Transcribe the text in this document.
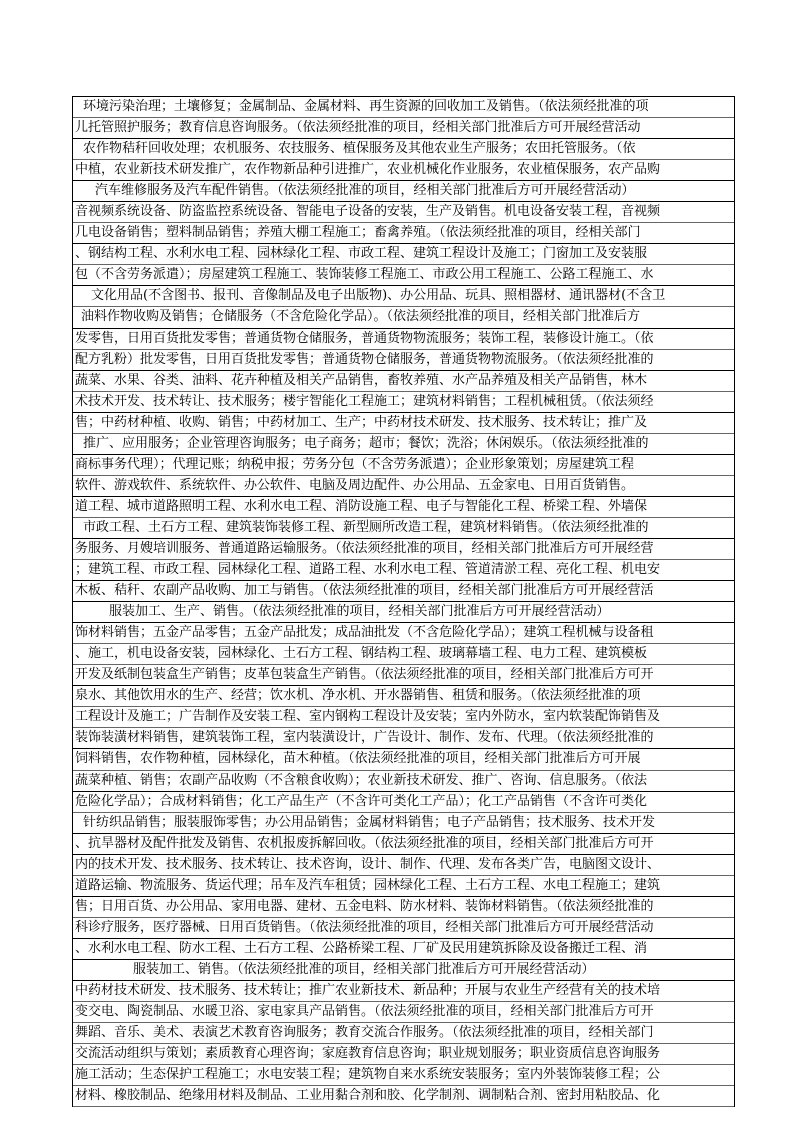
环境污染治理；土壤修复；金属制品、金属材料、再生资源的回收加工及销售。（依法须经批准的项
儿托管照护服务；教育信息咨询服务。（依法须经批准的项目，经相关部门批准后方可开展经营活动
农作物秸秆回收处理；农机服务、农技服务、植保服务及其他农业生产服务；农田托管服务。（依
中植，农业新技术研发推广，农作物新品种引进推广，农业机械化作业服务，农业植保服务，农产品购
汽车维修服务及汽车配件销售。（依法须经批准的项目，经相关部门批准后方可开展经营活动）
音视频系统设备、防盗监控系统设备、智能电子设备的安装，生产及销售。机电设备安装工程，音视频
几电设备销售；塑料制品销售；养殖大棚工程施工；畜禽养殖。（依法须经批准的项目，经相关部门
、钢结构工程、水利水电工程、园林绿化工程、市政工程、建筑工程设计及施工；门窗加工及安装服
包（不含劳务派遣）；房屋建筑工程施工、装饰装修工程施工、市政公用工程施工、公路工程施工、水
文化用品(不含图书、报刊、音像制品及电子出版物)、办公用品、玩具、照相器材、通讯器材(不含卫
油料作物收购及销售；仓储服务（不含危险化学品）。（依法须经批准的项目，经相关部门批准后方
发零售，日用百货批发零售；普通货物仓储服务，普通货物物流服务；装饰工程，装修设计施工。（依
配方乳粉）批发零售，日用百货批发零售；普通货物仓储服务，普通货物物流服务。（依法须经批准的
蔬菜、水果、谷类、油料、花卉种植及相关产品销售，畜牧养殖、水产品养殖及相关产品销售，林木
术技术开发、技术转让、技术服务；楼宇智能化工程施工；建筑材料销售；工程机械租赁。（依法须经
售；中药材种植、收购、销售；中药材加工、生产；中药材技术研发、技术服务、技术转让；推广及
推广、应用服务；企业管理咨询服务；电子商务；超市；餐饮；洗浴；休闲娱乐。（依法须经批准的
商标事务代理）；代理记账；纳税申报；劳务分包（不含劳务派遣）；企业形象策划；房屋建筑工程
软件、游戏软件、系统软件、办公软件、电脑及周边配件、办公用品、五金家电、日用百货销售。
道工程、城市道路照明工程、水利水电工程、消防设施工程、电子与智能化工程、桥梁工程、外墙保
市政工程、土石方工程、建筑装饰装修工程、新型厕所改造工程，建筑材料销售。（依法须经批准的
务服务、月嫂培训服务、普通道路运输服务。（依法须经批准的项目，经相关部门批准后方可开展经营
；建筑工程、市政工程、园林绿化工程、道路工程、水利水电工程、管道清淤工程、亮化工程、机电安
木板、秸秆、农副产品收购、加工与销售。（依法须经批准的项目，经相关部门批准后方可开展经营活
服装加工、生产、销售。（依法须经批准的项目，经相关部门批准后方可开展经营活动）
饰材料销售；五金产品零售；五金产品批发；成品油批发（不含危险化学品）；建筑工程机械与设备租
、施工，机电设备安装，园林绿化、土石方工程、钢结构工程、玻璃幕墙工程、电力工程、建筑模板
开发及纸制包装盒生产销售；皮革包装盒生产销售。（依法须经批准的项目，经相关部门批准后方可开
泉水、其他饮用水的生产、经营；饮水机、净水机、开水器销售、租赁和服务。（依法须经批准的项
工程设计及施工；广告制作及安装工程、室内钢构工程设计及安装；室内外防水，室内软装配饰销售及
装饰装潢材料销售，建筑装饰工程，室内装潢设计，广告设计、制作、发布、代理。（依法须经批准的
饲料销售，农作物种植，园林绿化，苗木种植。（依法须经批准的项目，经相关部门批准后方可开展
蔬菜种植、销售；农副产品收购（不含粮食收购）；农业新技术研发、推广、咨询、信息服务。（依法
危险化学品）；合成材料销售；化工产品生产（不含许可类化工产品）；化工产品销售（不含许可类化
针纺织品销售；服装服饰零售；办公用品销售；金属材料销售；电子产品销售；技术服务、技术开发
、抗旱器材及配件批发及销售、农机报废拆解回收。（依法须经批准的项目，经相关部门批准后方可开
内的技术开发、技术服务、技术转让、技术咨询，设计、制作、代理、发布各类广告，电脑图文设计、
道路运输、物流服务、货运代理；吊车及汽车租赁；园林绿化工程、土石方工程、水电工程施工；建筑
售；日用百货、办公用品、家用电器、建材、五金电料、防水材料、装饰材料销售。（依法须经批准的
科诊疗服务，医疗器械、日用百货销售。（依法须经批准的项目，经相关部门批准后方可开展经营活动
、水利水电工程、防水工程、土石方工程、公路桥梁工程、厂矿及民用建筑拆除及设备搬迁工程、消
服装加工、销售。（依法须经批准的项目，经相关部门批准后方可开展经营活动）
中药材技术研发、技术服务、技术转让；推广农业新技术、新品种；开展与农业生产经营有关的技术培
变交电、陶瓷制品、水暖卫浴、家电家具产品销售。（依法须经批准的项目，经相关部门批准后方可开
舞蹈、音乐、美术、表演艺术教育咨询服务；教育交流合作服务。（依法须经批准的项目，经相关部门
交流活动组织与策划；素质教育心理咨询；家庭教育信息咨询；职业规划服务；职业资质信息咨询服务
施工活动；生态保护工程施工；水电安装工程；建筑物自来水系统安装服务；室内外装饰装修工程；公
材料、橡胶制品、绝缘用材料及制品、工业用黏合剂和胶、化学制剂、调制粘合剂、密封用粘胶品、化
